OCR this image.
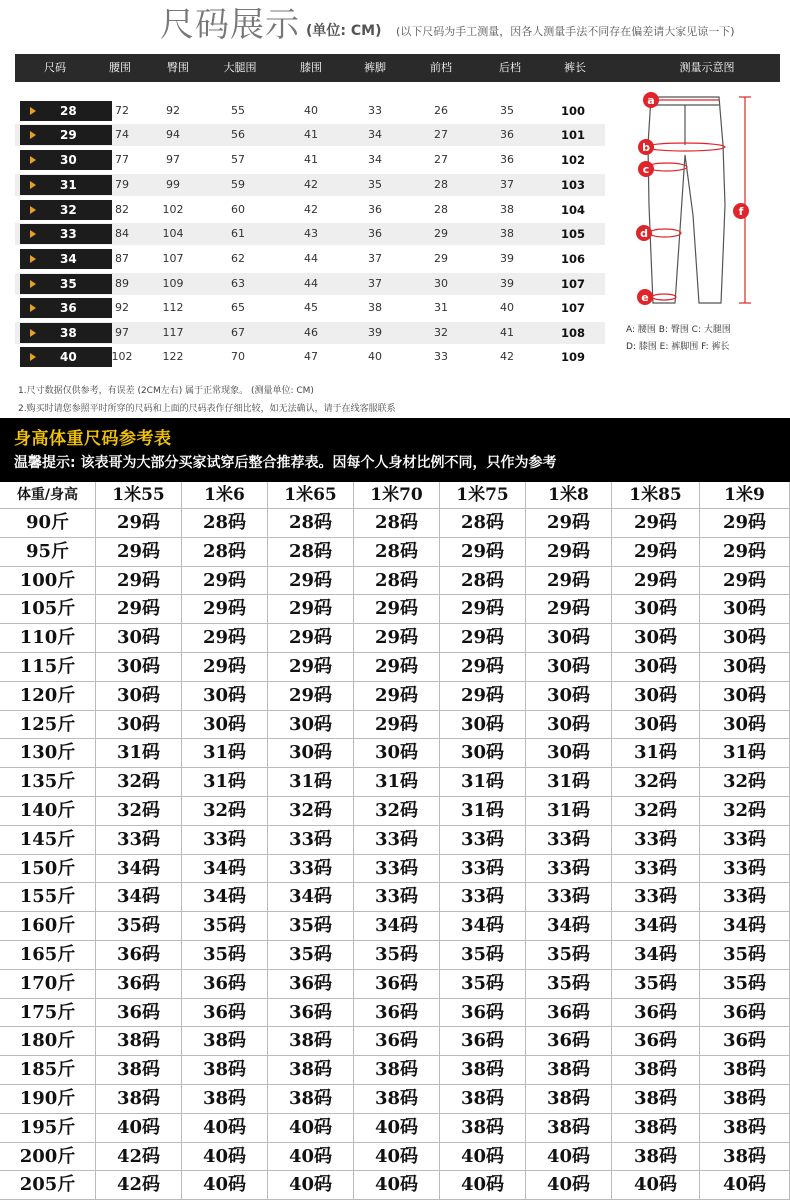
尺码展示 (单位: CM) (以下尺码为手工测量，因各人测量手法不同存在偏差请大家见谅一下)
尺码	腰围	臀围	大腿围	膝围	裤脚	前档	后档	裤长	测量示意图
28	72	92	55	40	33	26	35	100
29	74	94	56	41	34	27	36	101
30	77	97	57	41	34	27	36	102
31	79	99	59	42	35	28	37	103
32	82	102	60	42	36	28	38	104
33	84	104	61	43	36	29	38	105
34	87	107	62	44	37	29	39	106
35	89	109	63	44	37	30	39	107
36	92	112	65	45	38	31	40	107
38	97	117	67	46	39	32	41	108
40	102	122	70	47	40	33	42	109
a
b
c
d
e
f
A: 腰围 B: 臀围 C: 大腿围
D: 膝围 E: 裤脚围 F: 裤长
1.尺寸数据仅供参考，有误差 (2CM左右) 属于正常现象。 (测量单位: CM)
2.购买时请您参照平时所穿的尺码和上面的尺码表作仔细比较，如无法确认，请于在线客服联系
身高体重尺码参考表
温馨提示: 该表哥为大部分买家试穿后整合推荐表。因每个人身材比例不同，只作为参考
体重/身高	1米55	1米6	1米65	1米70	1米75	1米8	1米85	1米9
90斤	29码	28码	28码	28码	28码	29码	29码	29码
95斤	29码	28码	28码	28码	29码	29码	29码	29码
100斤	29码	29码	29码	28码	28码	29码	29码	29码
105斤	29码	29码	29码	29码	29码	29码	30码	30码
110斤	30码	29码	29码	29码	29码	30码	30码	30码
115斤	30码	29码	29码	29码	29码	30码	30码	30码
120斤	30码	30码	29码	29码	29码	30码	30码	30码
125斤	30码	30码	30码	29码	30码	30码	30码	30码
130斤	31码	31码	30码	30码	30码	30码	31码	31码
135斤	32码	31码	31码	31码	31码	31码	32码	32码
140斤	32码	32码	32码	32码	31码	31码	32码	32码
145斤	33码	33码	33码	33码	33码	33码	33码	33码
150斤	34码	34码	33码	33码	33码	33码	33码	33码
155斤	34码	34码	34码	33码	33码	33码	33码	33码
160斤	35码	35码	35码	34码	34码	34码	34码	34码
165斤	36码	35码	35码	35码	35码	35码	34码	35码
170斤	36码	36码	36码	36码	35码	35码	35码	35码
175斤	36码	36码	36码	36码	36码	36码	36码	36码
180斤	38码	38码	38码	36码	36码	36码	36码	36码
185斤	38码	38码	38码	38码	38码	38码	38码	38码
190斤	38码	38码	38码	38码	38码	38码	38码	38码
195斤	40码	40码	40码	40码	38码	38码	38码	38码
200斤	42码	40码	40码	40码	40码	40码	38码	38码
205斤	42码	40码	40码	40码	40码	40码	40码	40码
